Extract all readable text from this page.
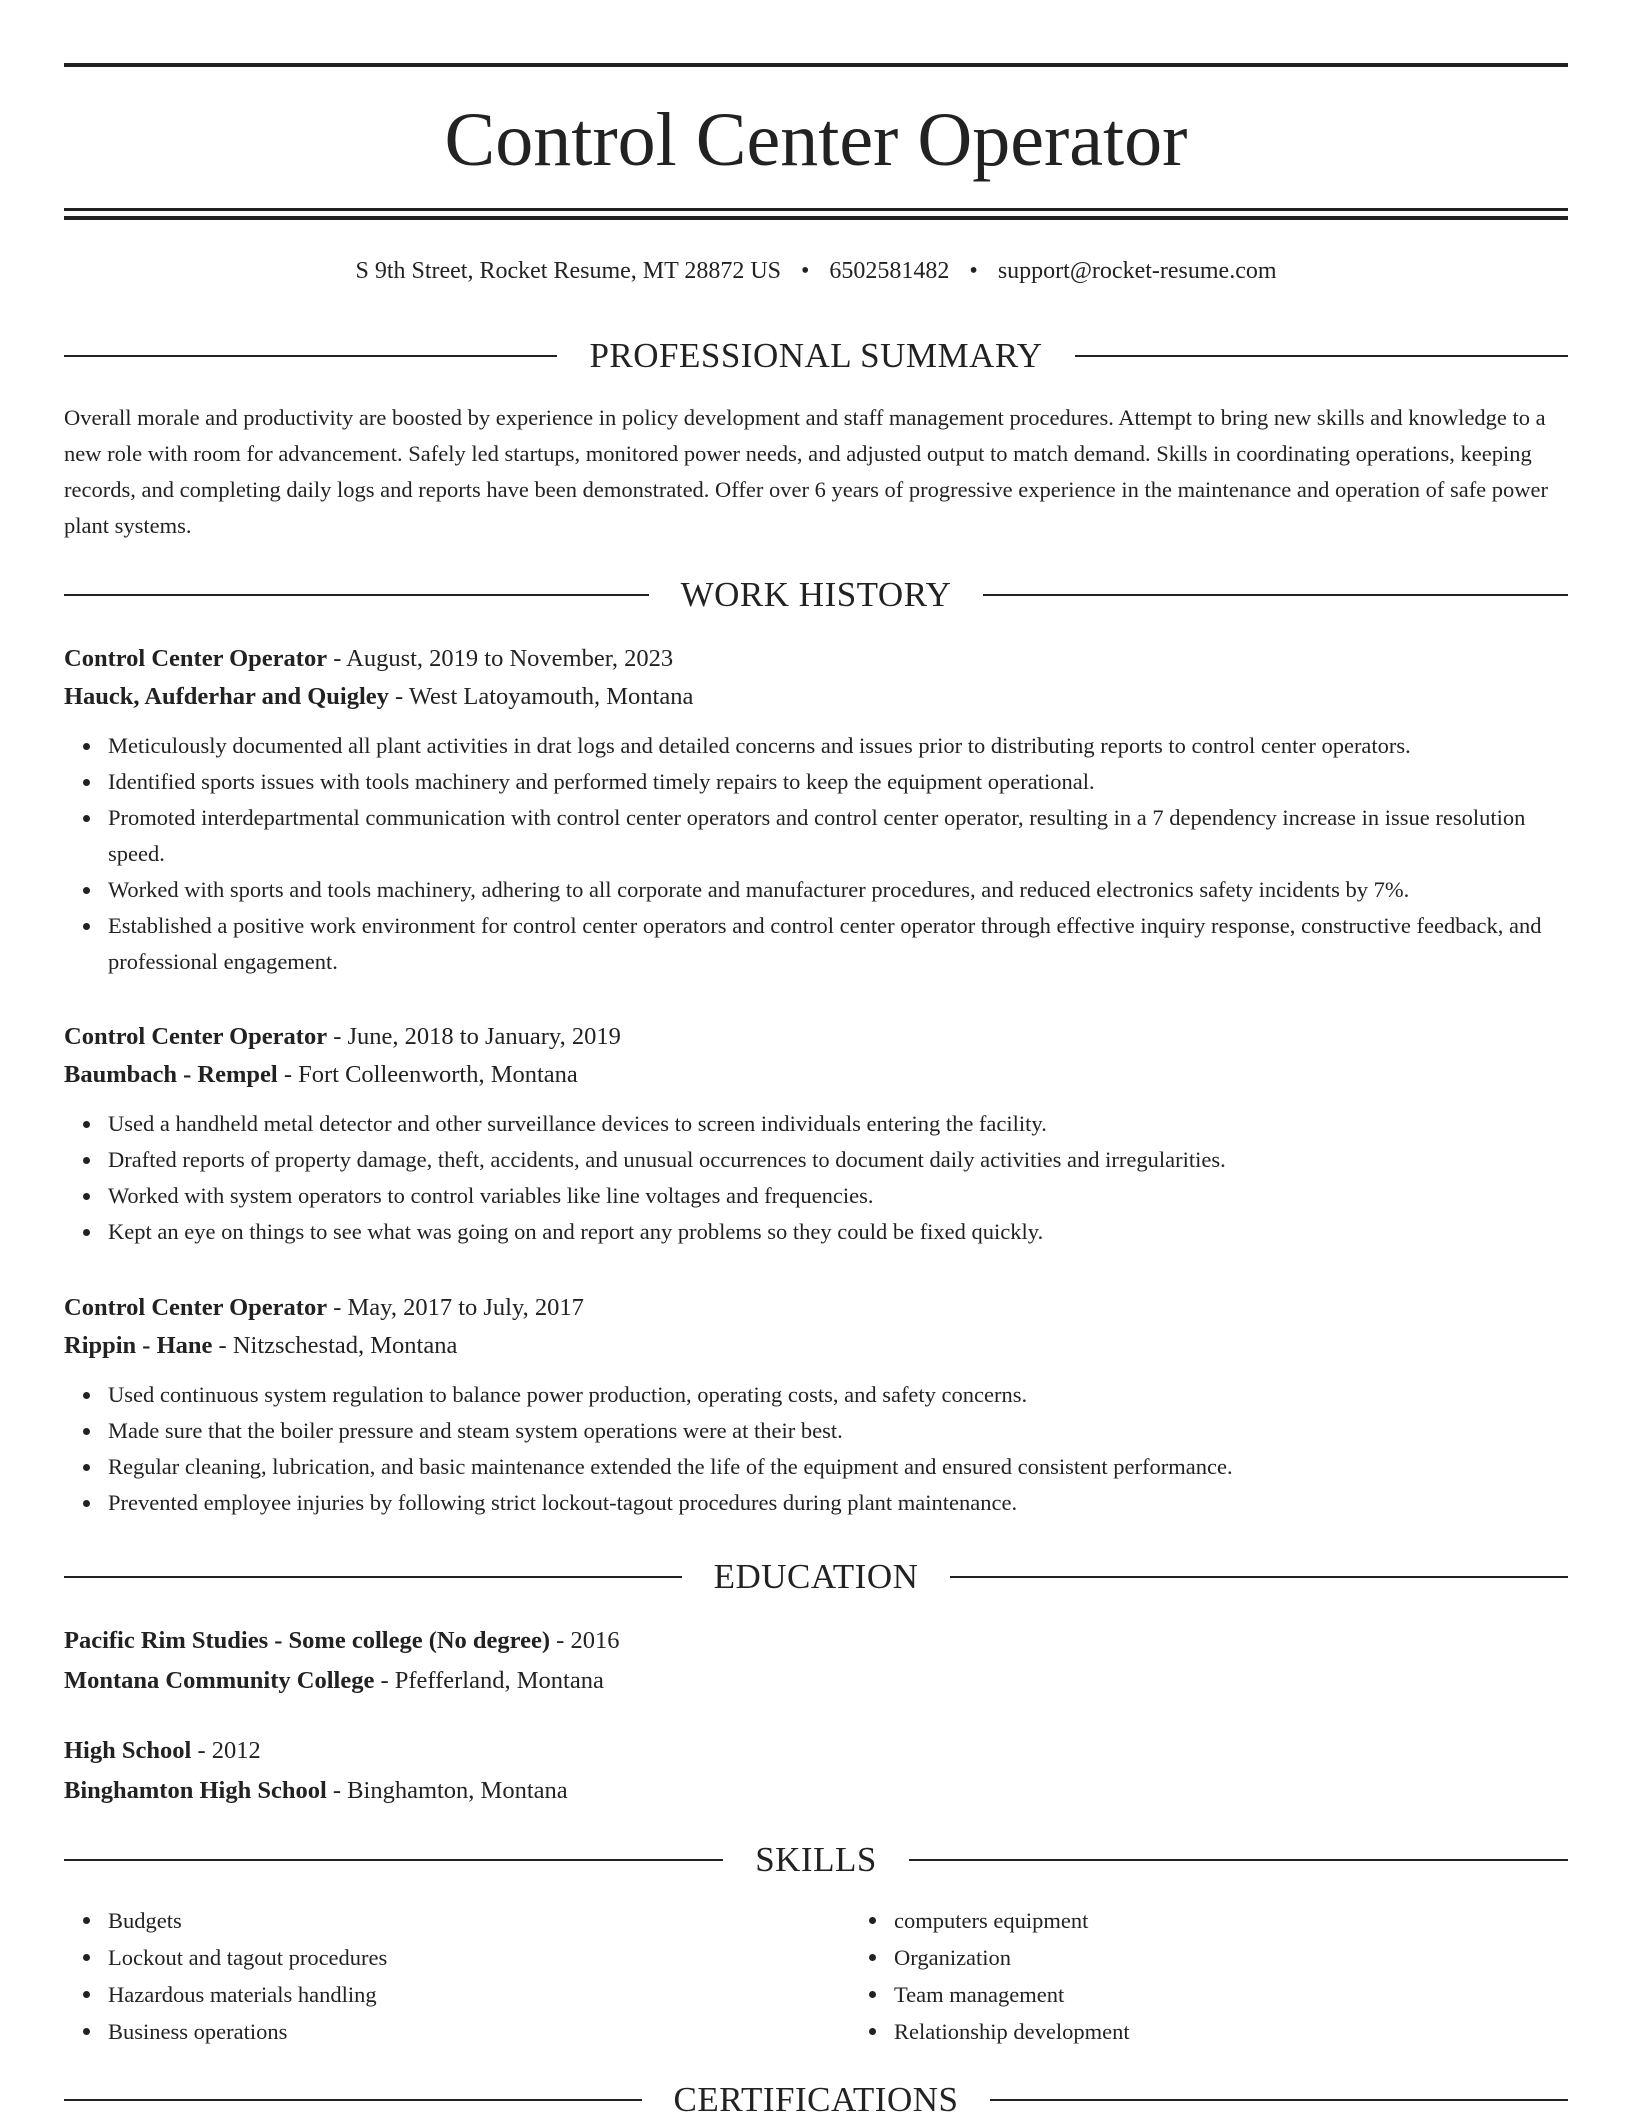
Control Center Operator
S 9th Street, Rocket Resume, MT 28872 US • 6502581482 • support@rocket-resume.com
PROFESSIONAL SUMMARY
Overall morale and productivity are boosted by experience in policy development and staff management procedures. Attempt to bring new skills and knowledge to a new role with room for advancement. Safely led startups, monitored power needs, and adjusted output to match demand. Skills in coordinating operations, keeping records, and completing daily logs and reports have been demonstrated. Offer over 6 years of progressive experience in the maintenance and operation of safe power plant systems.
WORK HISTORY
Control Center Operator - August, 2019 to November, 2023
Hauck, Aufderhar and Quigley - West Latoyamouth, Montana
Meticulously documented all plant activities in drat logs and detailed concerns and issues prior to distributing reports to control center operators.
Identified sports issues with tools machinery and performed timely repairs to keep the equipment operational.
Promoted interdepartmental communication with control center operators and control center operator, resulting in a 7 dependency increase in issue resolution speed.
Worked with sports and tools machinery, adhering to all corporate and manufacturer procedures, and reduced electronics safety incidents by 7%.
Established a positive work environment for control center operators and control center operator through effective inquiry response, constructive feedback, and professional engagement.
Control Center Operator - June, 2018 to January, 2019
Baumbach - Rempel - Fort Colleenworth, Montana
Used a handheld metal detector and other surveillance devices to screen individuals entering the facility.
Drafted reports of property damage, theft, accidents, and unusual occurrences to document daily activities and irregularities.
Worked with system operators to control variables like line voltages and frequencies.
Kept an eye on things to see what was going on and report any problems so they could be fixed quickly.
Control Center Operator - May, 2017 to July, 2017
Rippin - Hane - Nitzschestad, Montana
Used continuous system regulation to balance power production, operating costs, and safety concerns.
Made sure that the boiler pressure and steam system operations were at their best.
Regular cleaning, lubrication, and basic maintenance extended the life of the equipment and ensured consistent performance.
Prevented employee injuries by following strict lockout-tagout procedures during plant maintenance.
EDUCATION
Pacific Rim Studies - Some college (No degree) - 2016
Montana Community College - Pfefferland, Montana
High School - 2012
Binghamton High School - Binghamton, Montana
SKILLS
Budgets
Lockout and tagout procedures
Hazardous materials handling
Business operations
computers equipment
Organization
Team management
Relationship development
CERTIFICATIONS
